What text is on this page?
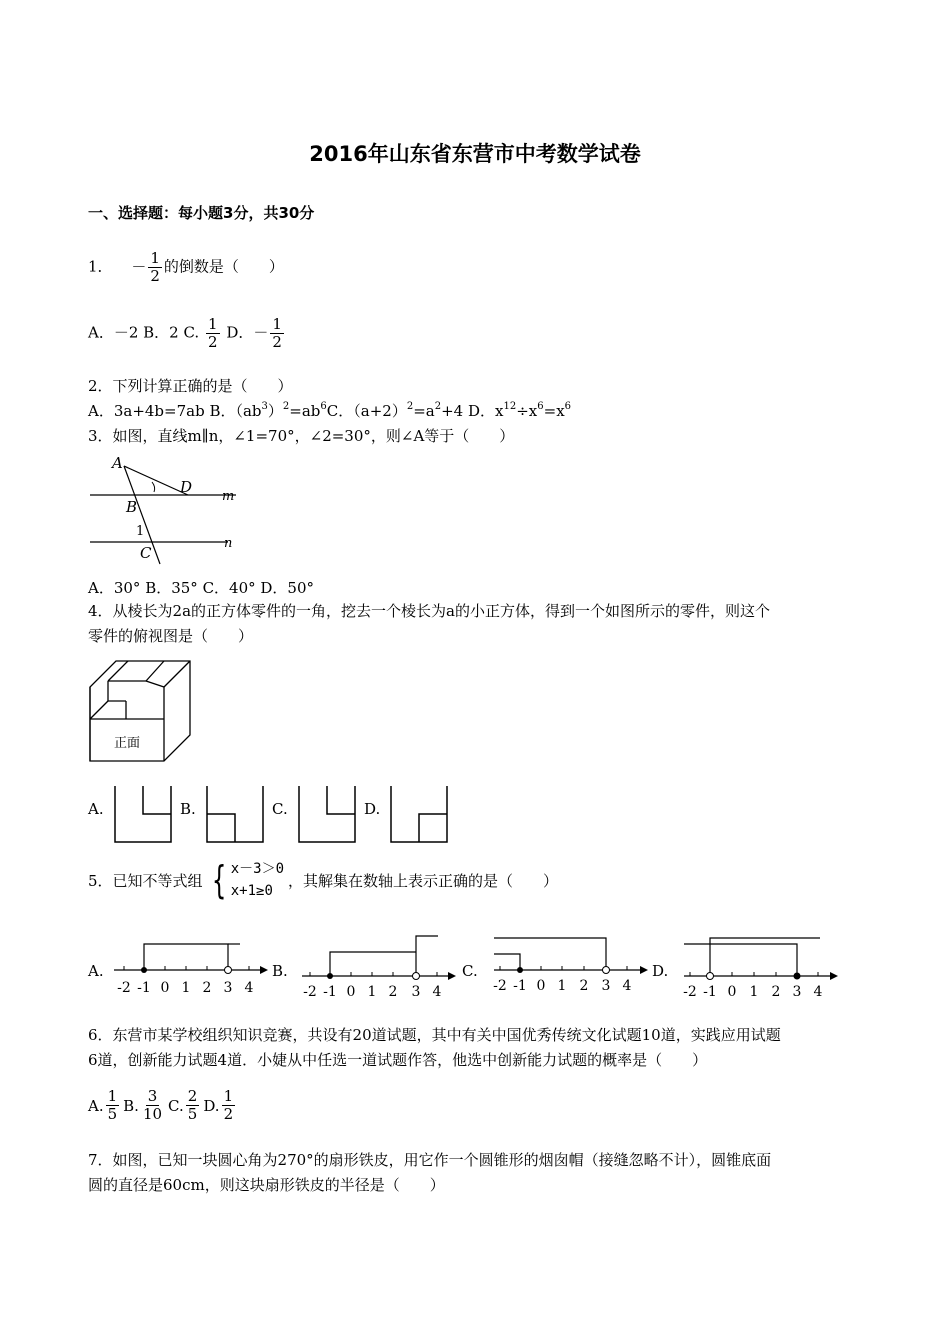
2016年山东省东营市中考数学试卷
一、选择题：每小题3分，共30分
1． － $\frac{1}{2}$ 的倒数是（　　）
A．－2 B．2 C. $\frac{1}{2}$ D．－ $\frac{1}{2}$
2．下列计算正确的是（　　）
A．3a+4b=7ab B．$(ab^3)^2=ab^6C$．$(a+2)^2=a^2+4$ D．$x^{12}\div x^6=x^6$
3．如图，直线m∥n，∠1=70°，∠2=30°，则∠A等于（　　）
A
D
m
B
1
C
n
A．30° B．35° C．40° D．50°
4．从棱长为2a的正方体零件的一角，挖去一个棱长为a的小正方体，得到一个如图所示的零件，则这个
零件的俯视图是（　　）
正面
A.	B.	C.	D.
5．已知不等式组 { x－3＞0
x+1≥0
，其解集在数轴上表示正确的是（　　）
A.	B.	C.	D.
-2 -1 0 1 2 3 4	-2 -1 0 1 2 3 4	-2 -1 0 1 2 3 4	-2 -1 0 1 2 3 4
6．东营市某学校组织知识竞赛，共设有20道试题，其中有关中国优秀传统文化试题10道，实践应用试题
6道，创新能力试题4道．小婕从中任选一道试题作答，他选中创新能力试题的概率是（　　）
A. $\frac{1}{5} B$. $\frac{3}{10} C$. $\frac{2}{5} D$. $\frac{1}{2}$
7．如图，已知一块圆心角为270°的扇形铁皮，用它作一个圆锥形的烟囱帽（接缝忽略不计），圆锥底面
圆的直径是60cm，则这块扇形铁皮的半径是（　　）
